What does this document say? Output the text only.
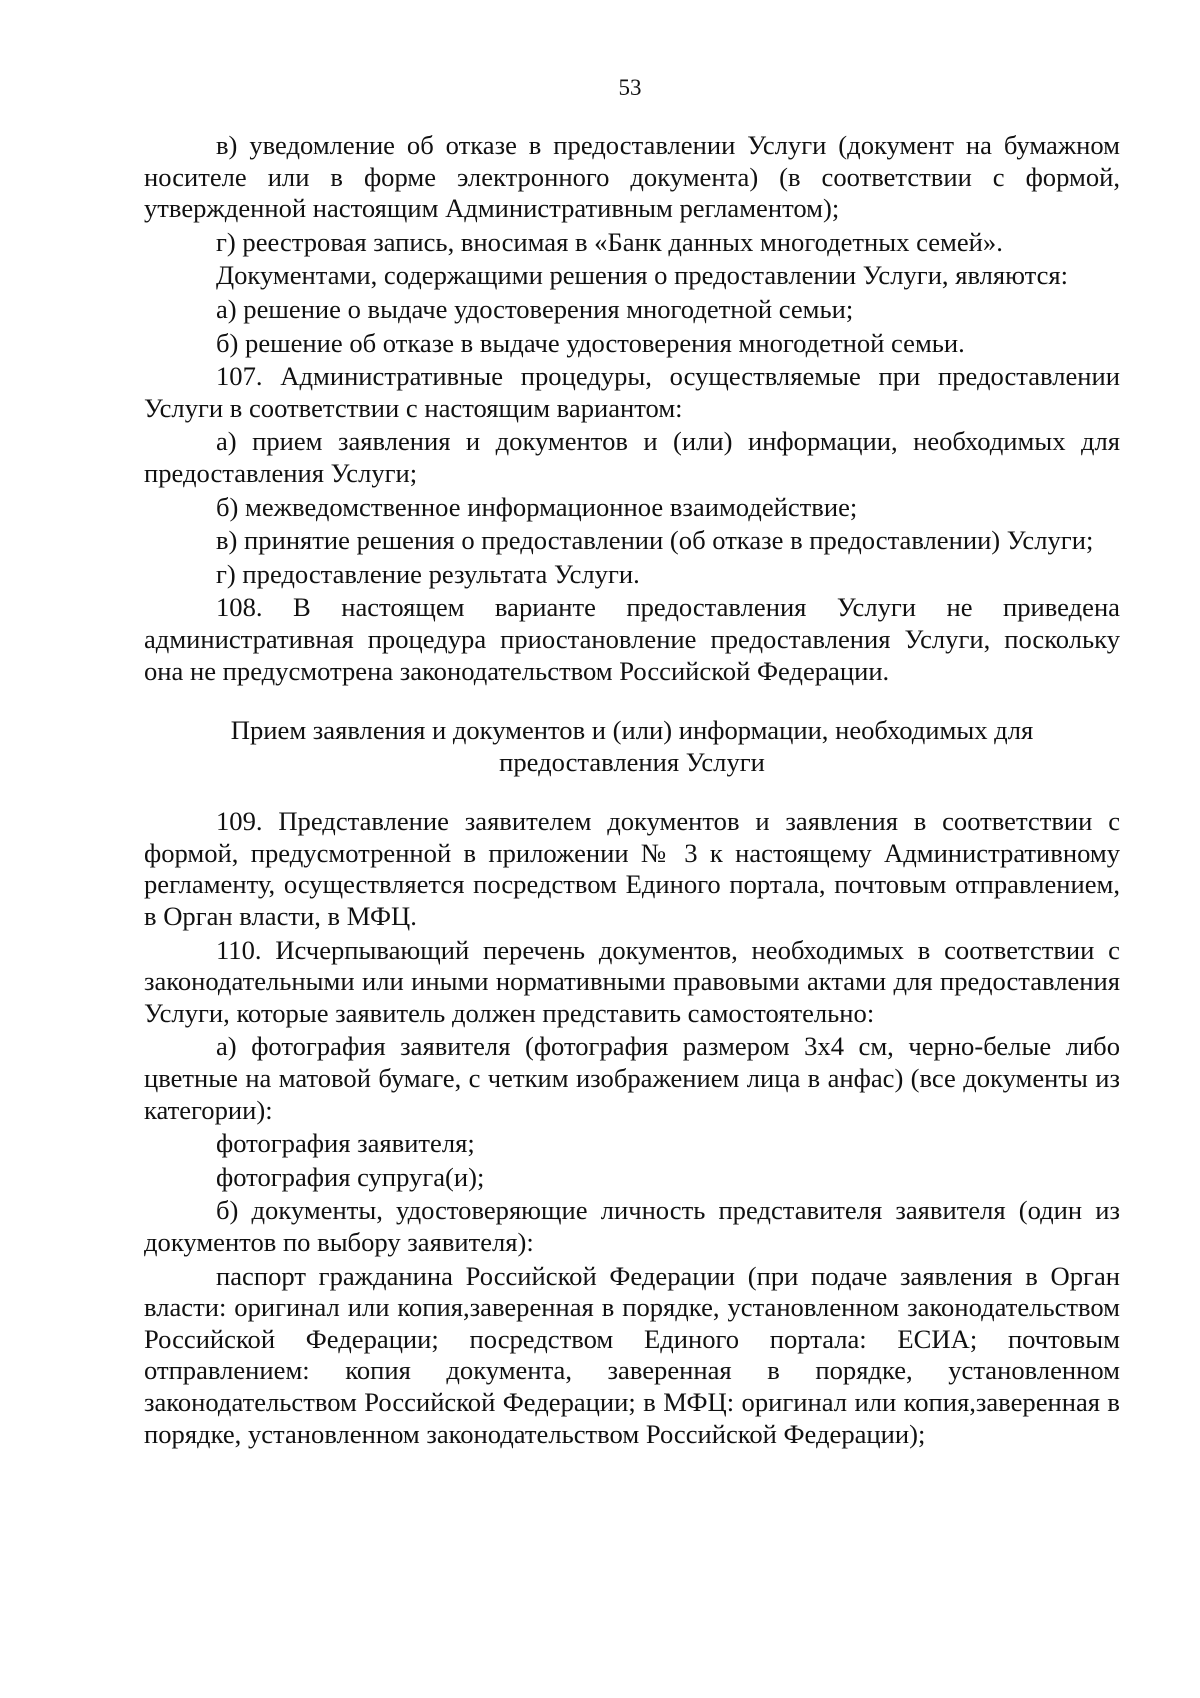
53

в) уведомление об отказе в предоставлении Услуги (документ на бумажном носителе или в форме электронного документа) (в соответствии с формой, утвержденной настоящим Административным регламентом);

г) реестровая запись, вносимая в «Банк данных многодетных семей».

Документами, содержащими решения о предоставлении Услуги, являются:

а) решение о выдаче удостоверения многодетной семьи;

б) решение об отказе в выдаче удостоверения многодетной семьи.

107. Административные процедуры, осуществляемые при предоставлении Услуги в соответствии с настоящим вариантом:

а) прием заявления и документов и (или) информации, необходимых для предоставления Услуги;

б) межведомственное информационное взаимодействие;

в) принятие решения о предоставлении (об отказе в предоставлении) Услуги;

г) предоставление результата Услуги.

108. В настоящем варианте предоставления Услуги не приведена административная процедура приостановление предоставления Услуги, поскольку она не предусмотрена законодательством Российской Федерации.

Прием заявления и документов и (или) информации, необходимых для предоставления Услуги

109. Представление заявителем документов и заявления в соответствии с формой, предусмотренной в приложении № 3 к настоящему Административному регламенту, осуществляется посредством Единого портала, почтовым отправлением, в Орган власти, в МФЦ.

110. Исчерпывающий перечень документов, необходимых в соответствии с законодательными или иными нормативными правовыми актами для предоставления Услуги, которые заявитель должен представить самостоятельно:

а) фотография заявителя (фотография размером 3х4 см, черно-белые либо цветные на матовой бумаге, с четким изображением лица в анфас) (все документы из категории):

фотография заявителя;

фотография супруга(и);

б) документы, удостоверяющие личность представителя заявителя (один из документов по выбору заявителя):

паспорт гражданина Российской Федерации (при подаче заявления в Орган власти: оригинал или копия,заверенная в порядке, установленном законодательством Российской Федерации; посредством Единого портала: ЕСИА; почтовым отправлением: копия документа, заверенная в порядке, установленном законодательством Российской Федерации; в МФЦ: оригинал или копия,заверенная в порядке, установленном законодательством Российской Федерации);
